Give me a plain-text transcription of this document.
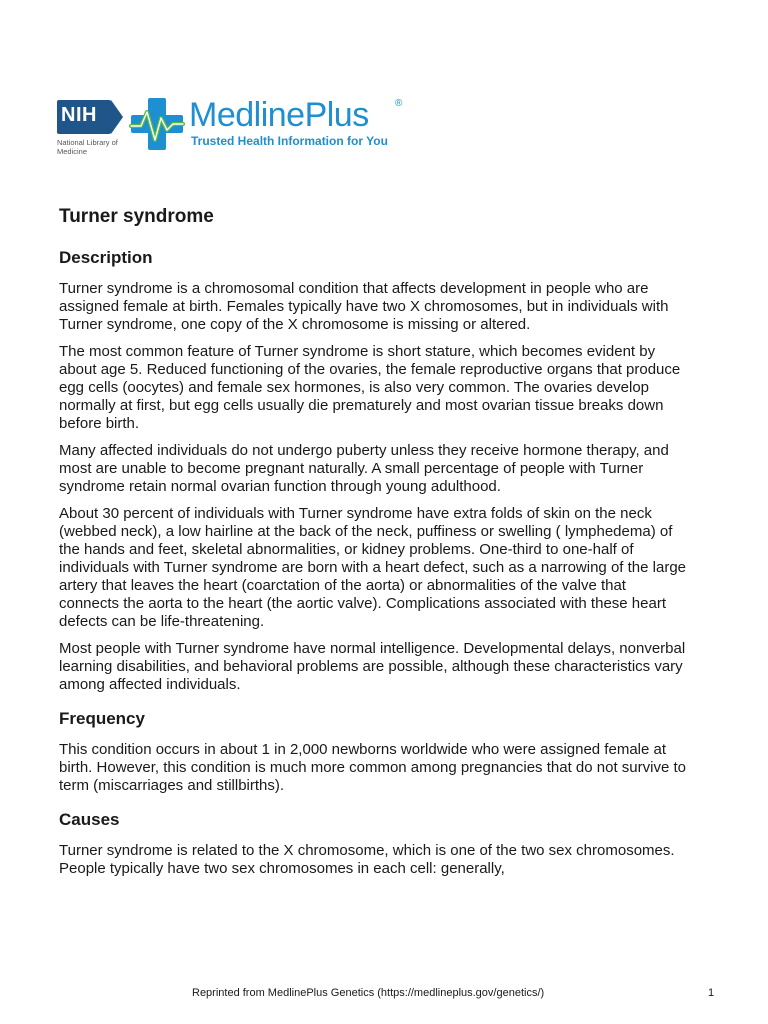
NIH
National Library of Medicine
MedlinePlus	®
Trusted Health Information for You
Turner syndrome
Description

Turner syndrome is a chromosomal condition that affects development in people who are assigned female at birth. Females typically have two X chromosomes, but in individuals with Turner syndrome, one copy of the X chromosome is missing or altered.

The most common feature of Turner syndrome is short stature, which becomes evident by about age 5. Reduced functioning of the ovaries, the female reproductive organs that produce egg cells (oocytes) and female sex hormones, is also very common. The ovaries develop normally at first, but egg cells usually die prematurely and most ovarian tissue breaks down before birth.

Many affected individuals do not undergo puberty unless they receive hormone therapy, and most are unable to become pregnant naturally. A small percentage of people with Turner syndrome retain normal ovarian function through young adulthood.

About 30 percent of individuals with Turner syndrome have extra folds of skin on the neck (webbed neck), a low hairline at the back of the neck, puffiness or swelling ( lymphedema) of the hands and feet, skeletal abnormalities, or kidney problems. One-third to one-half of individuals with Turner syndrome are born with a heart defect, such as a narrowing of the large artery that leaves the heart (coarctation of the aorta) or abnormalities of the valve that connects the aorta to the heart (the aortic valve). Complications associated with these heart defects can be life-threatening.

Most people with Turner syndrome have normal intelligence. Developmental delays, nonverbal learning disabilities, and behavioral problems are possible, although these characteristics vary among affected individuals.

Frequency

This condition occurs in about 1 in 2,000 newborns worldwide who were assigned female at birth. However, this condition is much more common among pregnancies that do not survive to term (miscarriages and stillbirths).

Causes

Turner syndrome is related to the X chromosome, which is one of the two sex chromosomes. People typically have two sex chromosomes in each cell: generally,

Reprinted from MedlinePlus Genetics (https://medlineplus.gov/genetics/)	1
